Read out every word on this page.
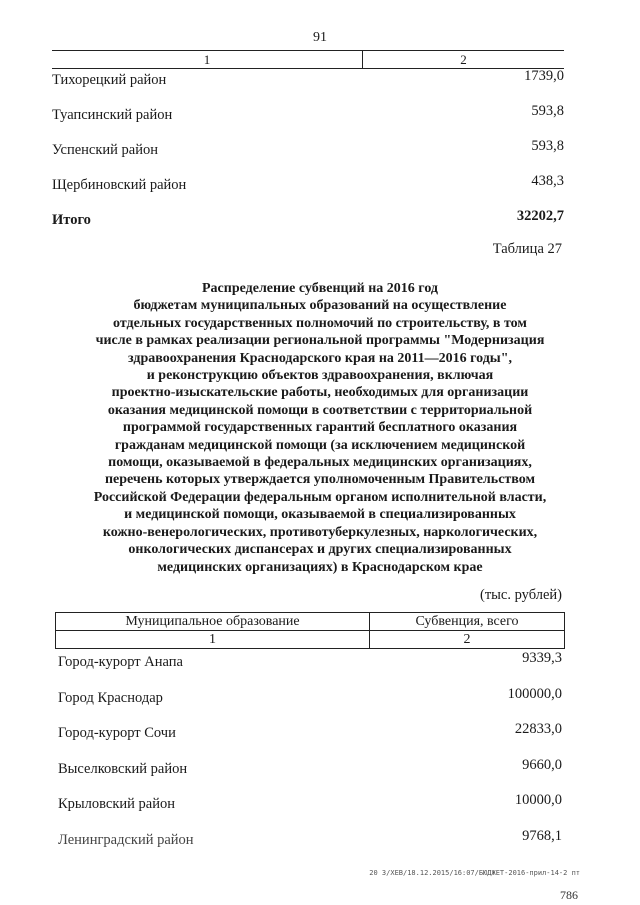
91
1	2
Тихорецкий район	1739,0
Туапсинский район	593,8
Успенский район	593,8
Щербиновский район	438,3
Итого	32202,7
Таблица 27
Распределение субвенций на 2016 год
бюджетам муниципальных образований на осуществление
отдельных государственных полномочий по строительству, в том
числе в рамках реализации региональной программы "Модернизация
здравоохранения Краснодарского края на 2011—2016 годы",
и реконструкцию объектов здравоохранения, включая
проектно-изыскательские работы, необходимых для организации
оказания медицинской помощи в соответствии с территориальной
программой государственных гарантий бесплатного оказания
гражданам медицинской помощи (за исключением медицинской
помощи, оказываемой в федеральных медицинских организациях,
перечень которых утверждается уполномоченным Правительством
Российской Федерации федеральным органом исполнительной власти,
и медицинской помощи, оказываемой в специализированных
кожно-венерологических, противотуберкулезных, наркологических,
онкологических диспансерах и других специализированных
медицинских организациях) в Краснодарском крае
(тыс. рублей)
Муниципальное образование	Субвенция, всего
1	2
Город-курорт Анапа	9339,3
Город Краснодар	100000,0
Город-курорт Сочи	22833,0
Выселковский район	9660,0
Крыловский район	10000,0
Ленинградский район	9768,1
20 З/ХЕВ/18.12.2015/16:07/БЮДЖЕТ-2016-прил-14-2 пт
786
